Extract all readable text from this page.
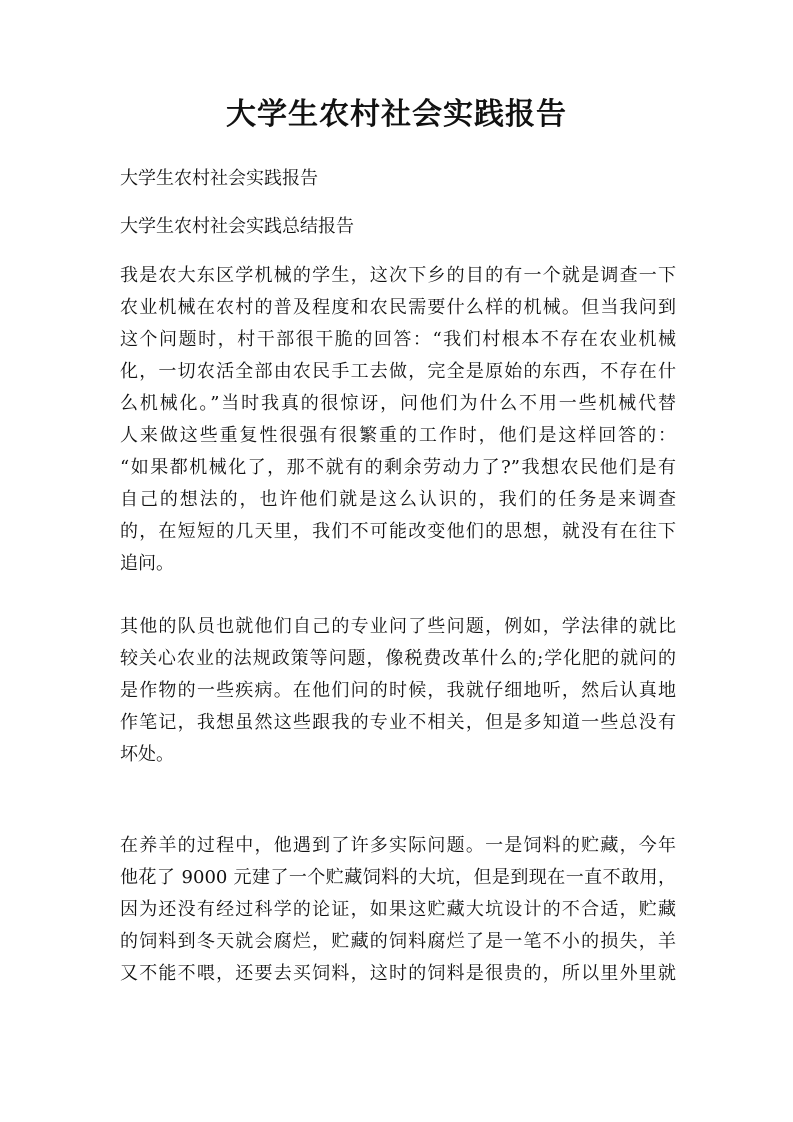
大学生农村社会实践报告

大学生农村社会实践报告

大学生农村社会实践总结报告

我是农大东区学机械的学生，这次下乡的目的有一个就是调查一下
农业机械在农村的普及程度和农民需要什么样的机械。但当我问到
这个问题时，村干部很干脆的回答：“我们村根本不存在农业机械
化，一切农活全部由农民手工去做，完全是原始的东西，不存在什
么机械化。”当时我真的很惊讶，问他们为什么不用一些机械代替
人来做这些重复性很强有很繁重的工作时，他们是这样回答的：
“如果都机械化了，那不就有的剩余劳动力了?”我想农民他们是有
自己的想法的，也许他们就是这么认识的，我们的任务是来调查
的，在短短的几天里，我们不可能改变他们的思想，就没有在往下
追问。
其他的队员也就他们自己的专业问了些问题，例如，学法律的就比
较关心农业的法规政策等问题，像税费改革什么的;学化肥的就问的
是作物的一些疾病。在他们问的时候，我就仔细地听，然后认真地
作笔记，我想虽然这些跟我的专业不相关，但是多知道一些总没有
坏处。
在养羊的过程中，他遇到了许多实际问题。一是饲料的贮藏，今年
他花了 9000 元建了一个贮藏饲料的大坑，但是到现在一直不敢用，
因为还没有经过科学的论证，如果这贮藏大坑设计的不合适，贮藏
的饲料到冬天就会腐烂，贮藏的饲料腐烂了是一笔不小的损失，羊
又不能不喂，还要去买饲料，这时的饲料是很贵的，所以里外里就
